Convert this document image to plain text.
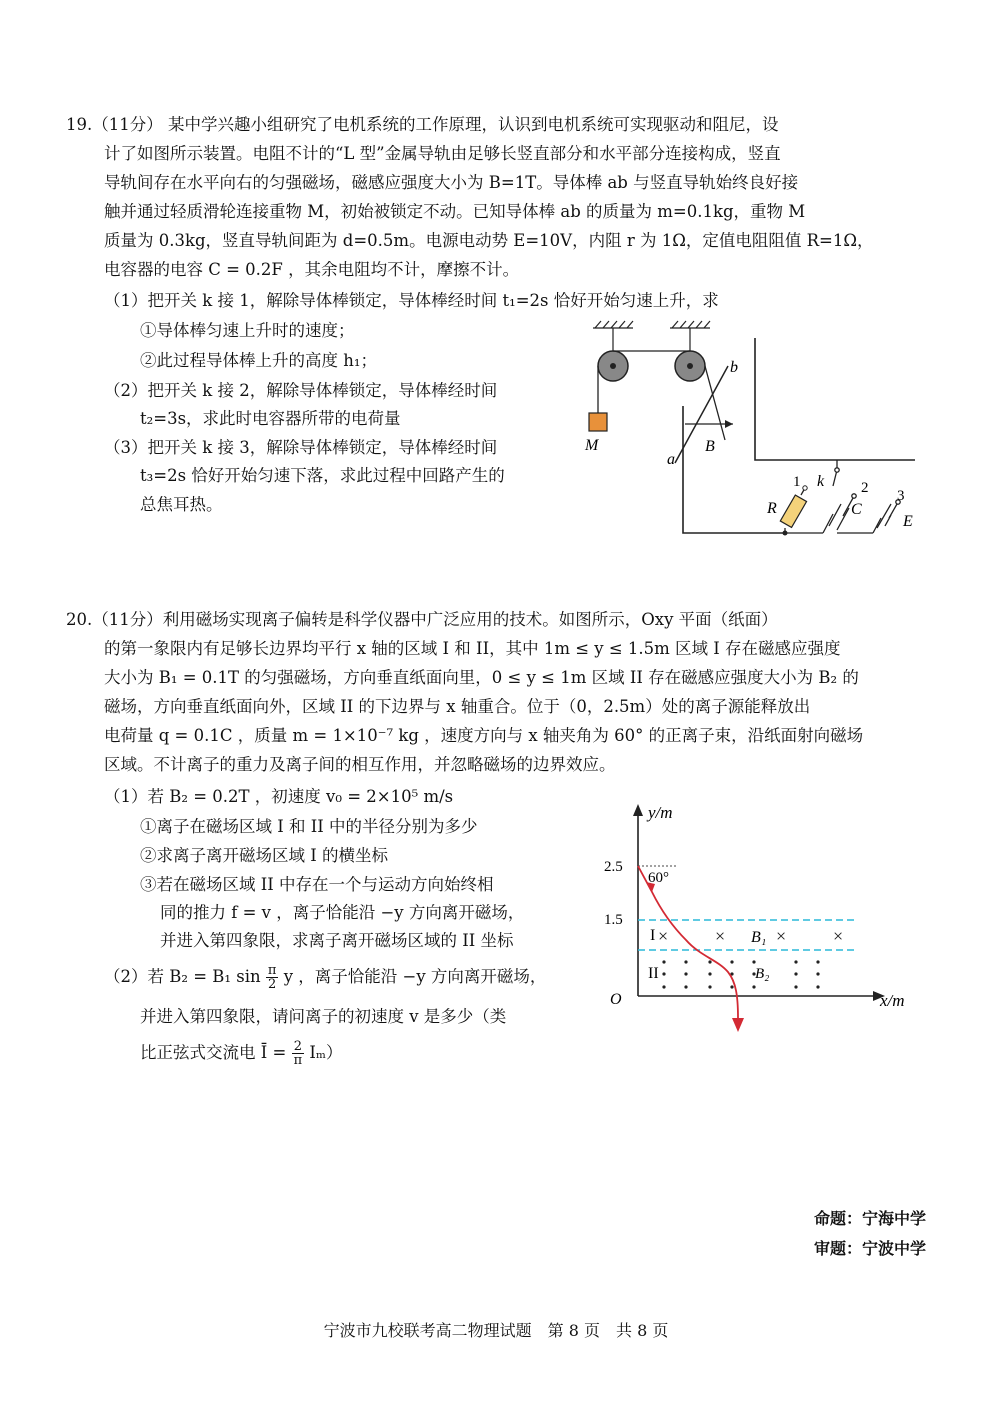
19.（11分） 某中学兴趣小组研究了电机系统的工作原理，认识到电机系统可实现驱动和阻尼，设
计了如图所示装置。电阻不计的“L 型”金属导轨由足够长竖直部分和水平部分连接构成，竖直
导轨间存在水平向右的匀强磁场，磁感应强度大小为 B=1T。导体棒 ab 与竖直导轨始终良好接
触并通过轻质滑轮连接重物 M，初始被锁定不动。已知导体棒 ab 的质量为 m=0.1kg，重物 M
质量为 0.3kg，竖直导轨间距为 d=0.5m。电源电动势 E=10V，内阻 r 为 1Ω，定值电阻阻值 R=1Ω，
电容器的电容 C = 0.2F ，其余电阻均不计，摩擦不计。
（1）把开关 k 接 1，解除导体棒锁定，导体棒经时间 t₁=2s 恰好开始匀速上升，求
①导体棒匀速上升时的速度；
②此过程导体棒上升的高度 h₁；
（2）把开关 k 接 2，解除导体棒锁定，导体棒经时间
t₂=3s，求此时电容器所带的电荷量
（3）把开关 k 接 3，解除导体棒锁定，导体棒经时间
t₃=2s 恰好开始匀速下落，求此过程中回路产生的
总焦耳热。
M
b
a
B
R
1
C
2 3
E
k
20.（11分）利用磁场实现离子偏转是科学仪器中广泛应用的技术。如图所示，Oxy 平面（纸面）
的第一象限内有足够长边界均平行 x 轴的区域 I 和 II，其中 1m ≤ y ≤ 1.5m 区域 I 存在磁感应强度
大小为 B₁ = 0.1T 的匀强磁场，方向垂直纸面向里，0 ≤ y ≤ 1m 区域 II 存在磁感应强度大小为 B₂ 的
磁场，方向垂直纸面向外，区域 II 的下边界与 x 轴重合。位于（0，2.5m）处的离子源能释放出
电荷量 q = 0.1C ，质量 m = 1×10⁻⁷ kg ，速度方向与 x 轴夹角为 60° 的正离子束，沿纸面射向磁场
区域。不计离子的重力及离子间的相互作用，并忽略磁场的边界效应。
（1）若 B₂ = 0.2T ，初速度 v₀ = 2×10⁵ m/s
①离子在磁场区域 I 和 II 中的半径分别为多少
②求离子离开磁场区域 I 的横坐标
③若在磁场区域 II 中存在一个与运动方向始终相
同的推力 f = v ，离子恰能沿 −y 方向离开磁场，
并进入第四象限，求离子离开磁场区域的 II 坐标
（2）若 B₂ = B₁ $\sin \frac{\pi}{2}$ y ，离子恰能沿 −y 方向离开磁场，
并进入第四象限，请问离子的初速度 v 是多少（类
比正弦式交流电 Ī = $\frac{2}{\pi} I_m$）
y/m
x/m
O
2.5
1.5
I
II
×	×	×	×
B₁
B₂
60°
命题：宁海中学
审题：宁波中学
宁波市九校联考高二物理试题　第 8 页　共 8 页
